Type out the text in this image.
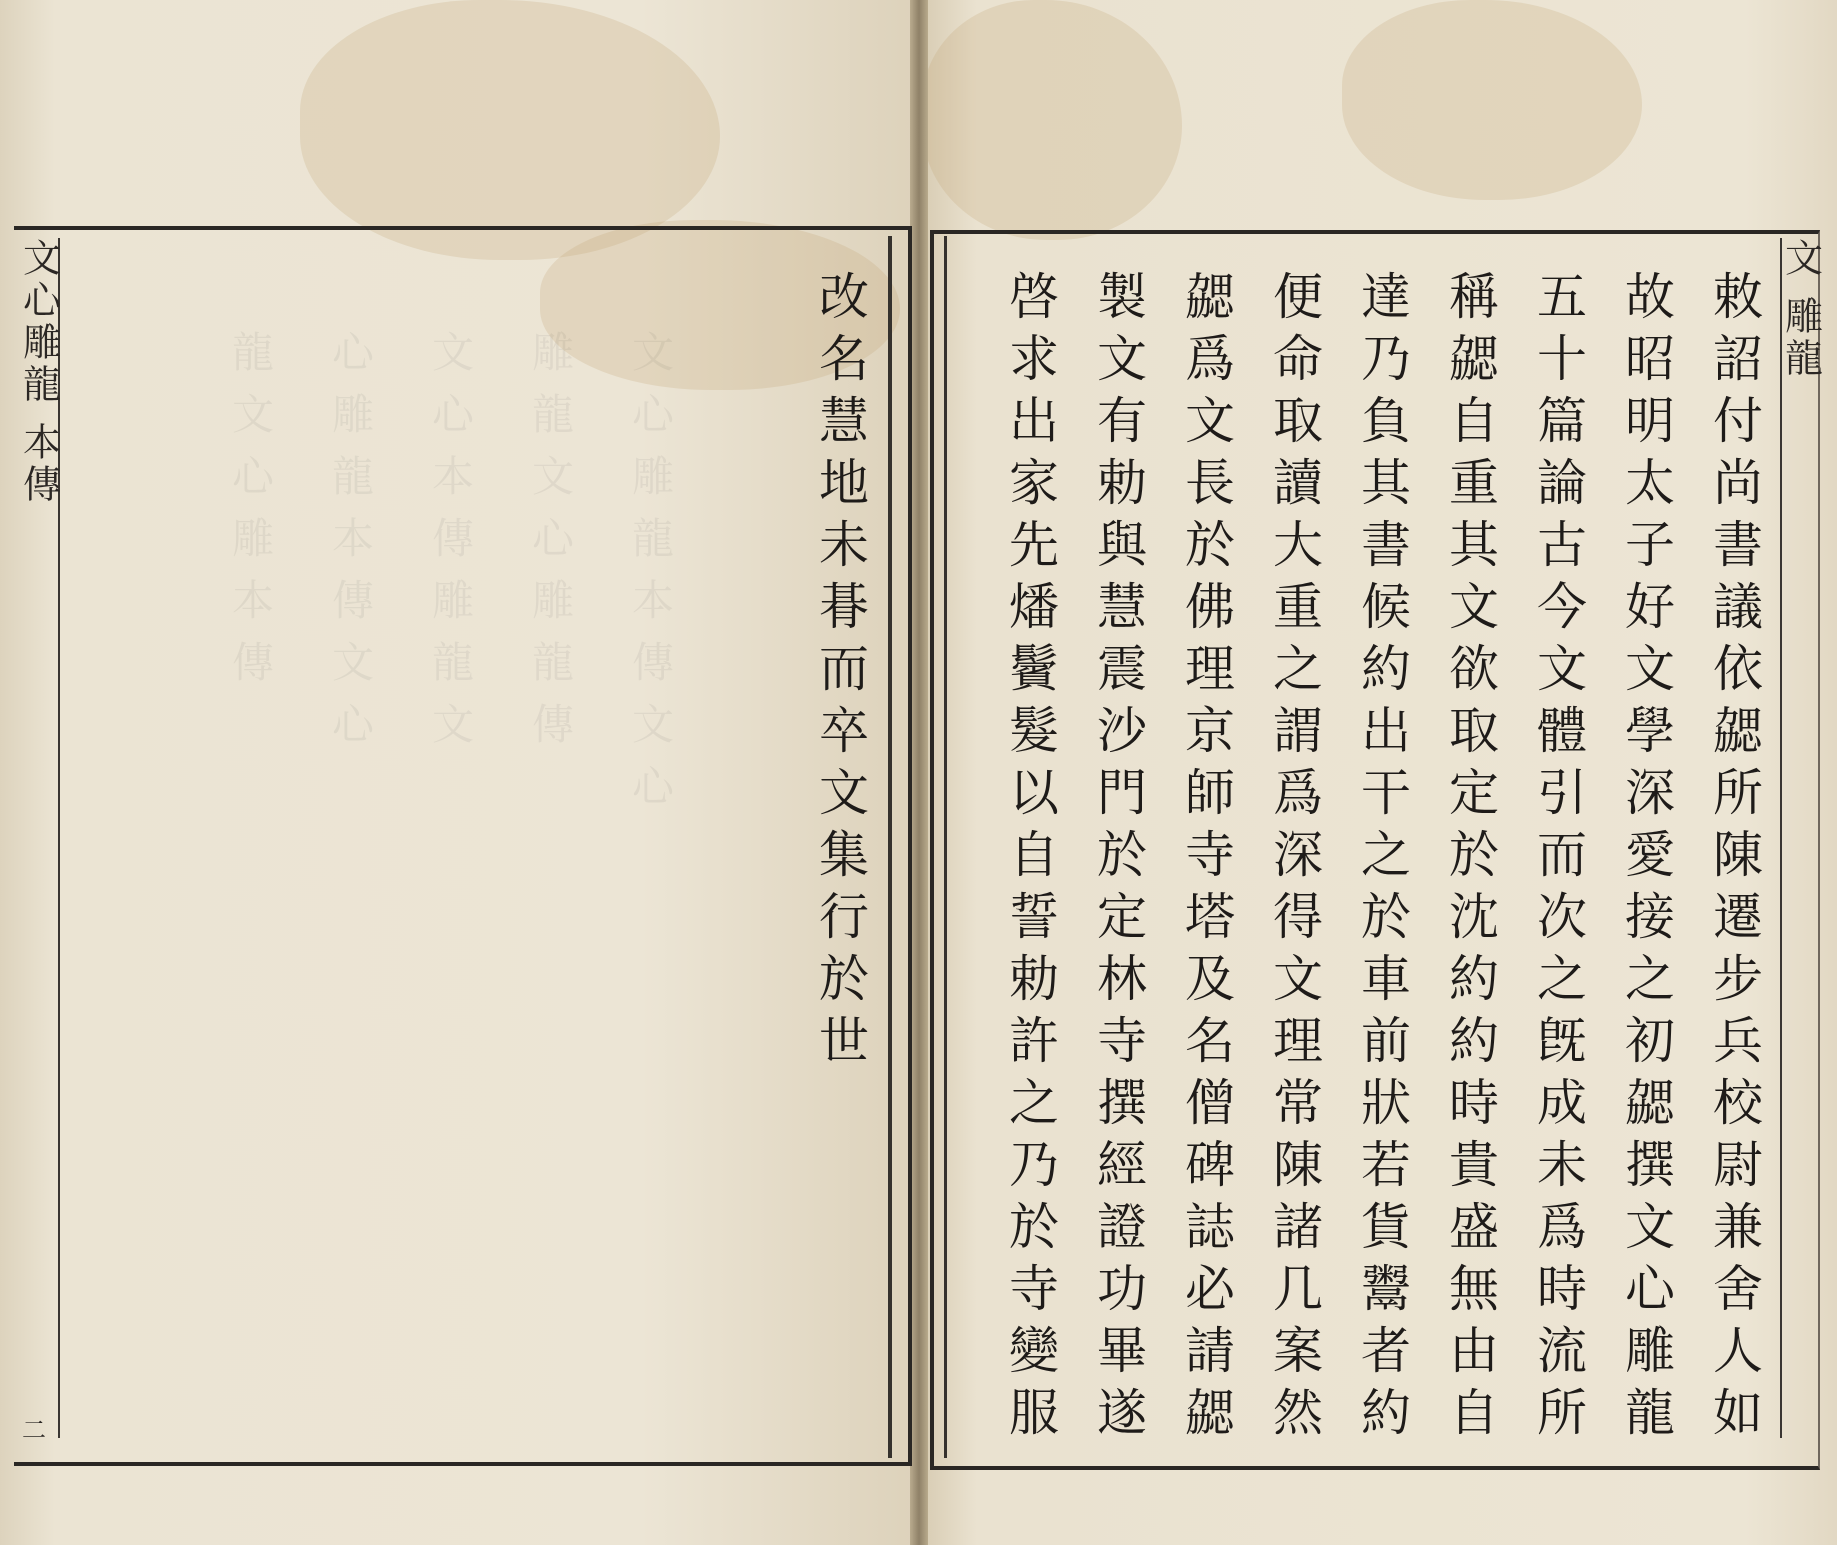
文心雕龍本傳文心
雕龍文心雕龍傳
文心本傳雕龍文
心雕龍本傳文心
龍文心雕本傳
文心雕龍 本傳
二
改名慧地未朞而卒文集行於世	文 雕龍
敕詔付尚書議依勰所陳遷步兵校尉兼舍人如
故昭明太子好文學深愛接之初勰撰文心雕龍
五十篇論古今文體引而次之旣成未爲時流所
稱勰自重其文欲取定於沈約約時貴盛無由自
達乃負其書候約出干之於車前狀若貨鬻者約
便命取讀大重之謂爲深得文理常陳諸几案然
勰爲文長於佛理京師寺塔及名僧碑誌必請勰
製文有勅與慧震沙門於定林寺撰經證功畢遂
啓求出家先燔鬢髮以自誓勅許之乃於寺變服
